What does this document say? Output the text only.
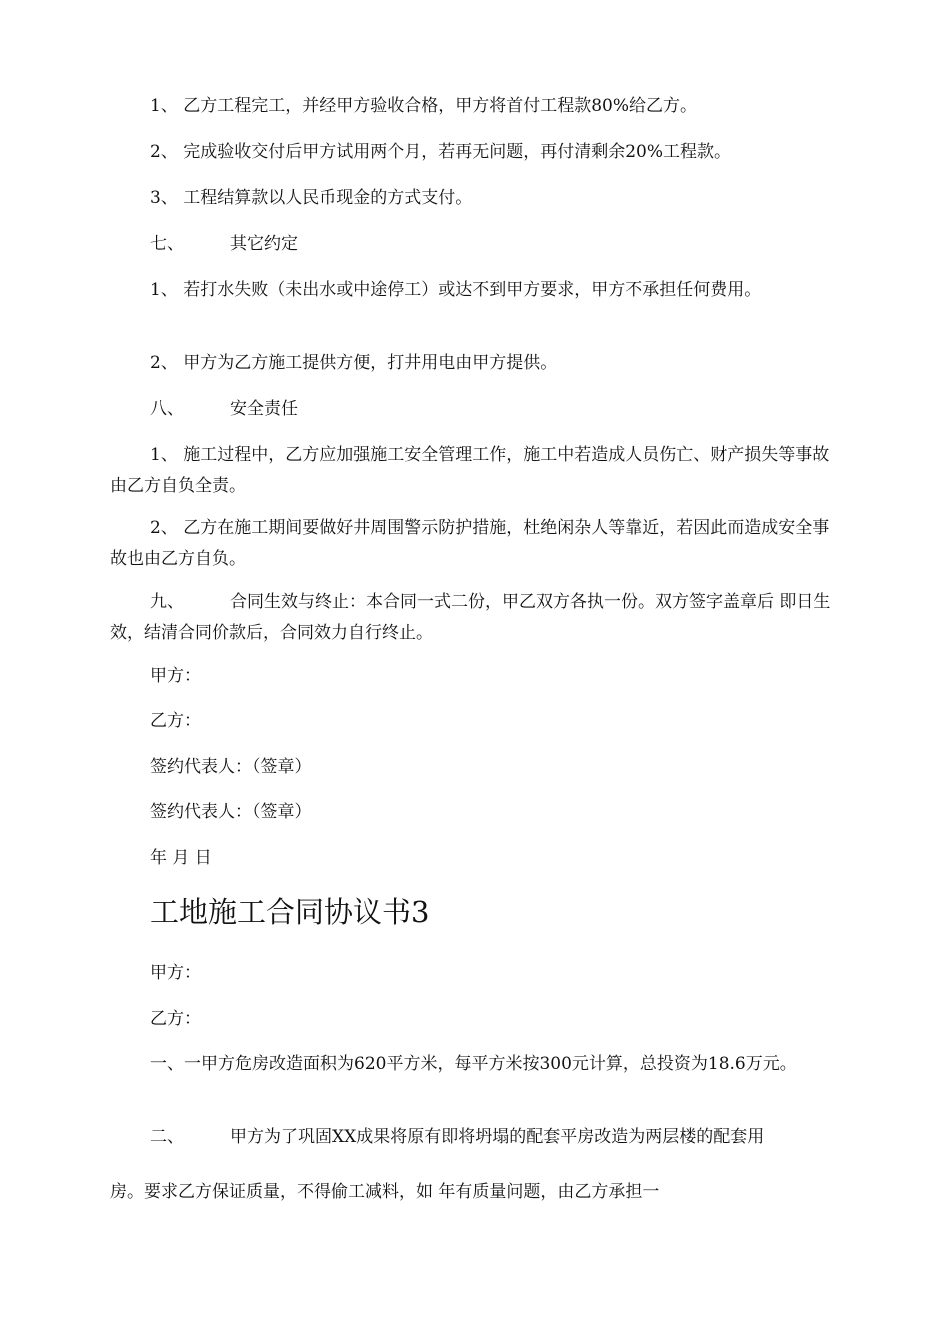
1、 乙方工程完工，并经甲方验收合格，甲方将首付工程款80%给乙方。

2、 完成验收交付后甲方试用两个月，若再无问题，再付清剩余20%工程款。

3、 工程结算款以人民币现金的方式支付。

七、	其它约定

1、 若打水失败（未出水或中途停工）或达不到甲方要求，甲方不承担任何费用。

2、 甲方为乙方施工提供方便，打井用电由甲方提供。

八、	安全责任

1、 施工过程中，乙方应加强施工安全管理工作，施工中若造成人员伤亡、财产损失等事故由乙方自负全责。

2、 乙方在施工期间要做好井周围警示防护措施，杜绝闲杂人等靠近，若因此而造成安全事故也由乙方自负。

九、	合同生效与终止：本合同一式二份，甲乙双方各执一份。双方签字盖章后 即日生效，结清合同价款后，合同效力自行终止。

甲方：

乙方：

签约代表人：（签章）

签约代表人：（签章）

年 月 日

工地施工合同协议书3

甲方：

乙方：

一、一甲方危房改造面积为620平方米，每平方米按300元计算，总投资为18.6万元。

二、	甲方为了巩固XX成果将原有即将坍塌的配套平房改造为两层楼的配套用

房。要求乙方保证质量，不得偷工减料，如 年有质量问题，由乙方承担一
